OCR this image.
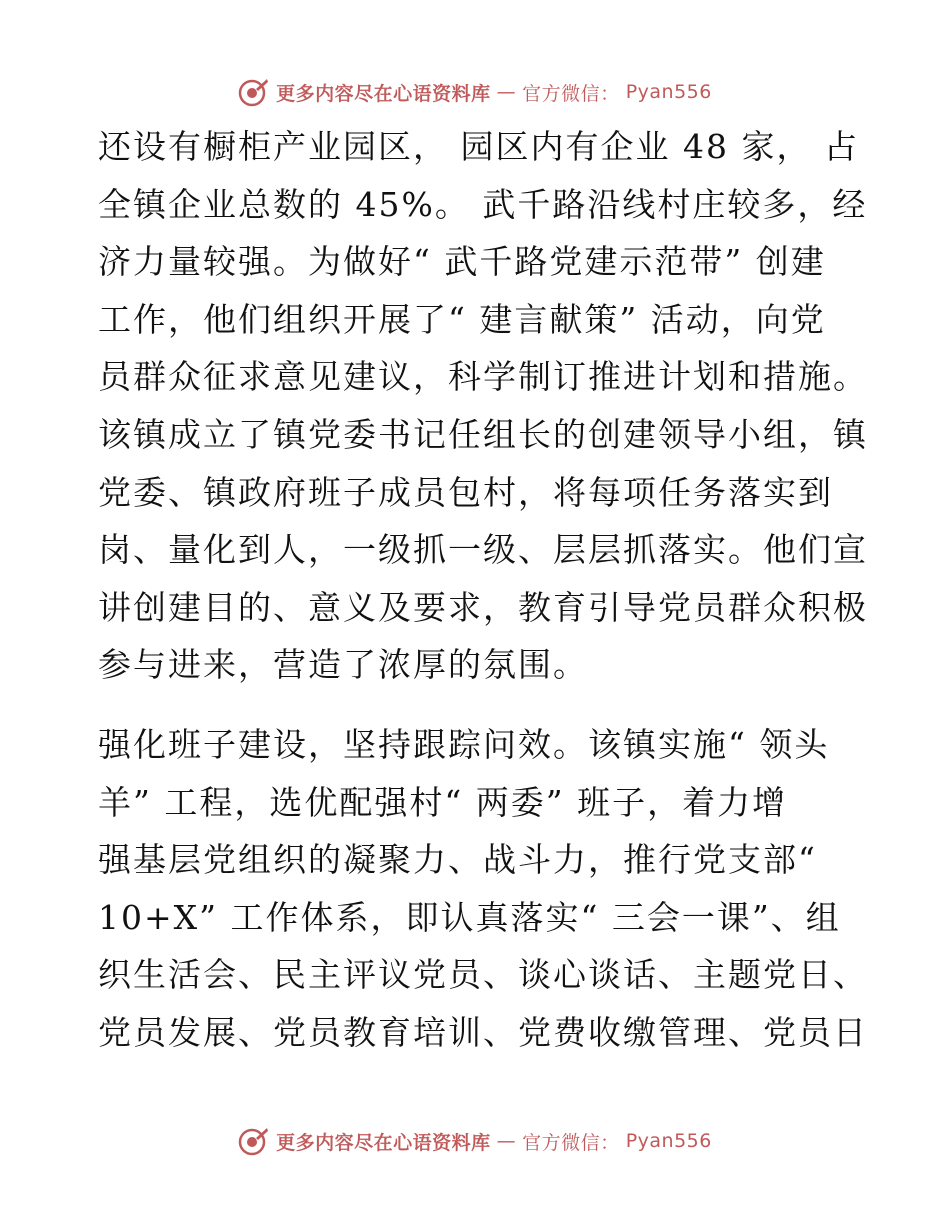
更多内容尽在心语资料库 — 官方微信： Pyan556
还设有橱柜产业园区， 园区内有企业 48 家， 占
全镇企业总数的 45%。 武千路沿线村庄较多，经
济力量较强。为做好“ 武千路党建示范带” 创建
工作，他们组织开展了“ 建言献策” 活动，向党
员群众征求意见建议，科学制订推进计划和措施。
该镇成立了镇党委书记任组长的创建领导小组，镇
党委、镇政府班子成员包村，将每项任务落实到
岗、量化到人，一级抓一级、层层抓落实。他们宣
讲创建目的、意义及要求，教育引导党员群众积极
参与进来，营造了浓厚的氛围。
强化班子建设，坚持跟踪问效。该镇实施“ 领头
羊” 工程，选优配强村“ 两委” 班子，着力增
强基层党组织的凝聚力、战斗力，推行党支部“
10+X” 工作体系，即认真落实“ 三会一课”、组
织生活会、民主评议党员、谈心谈话、主题党日、
党员发展、党员教育培训、党费收缴管理、党员日
更多内容尽在心语资料库 — 官方微信： Pyan556
